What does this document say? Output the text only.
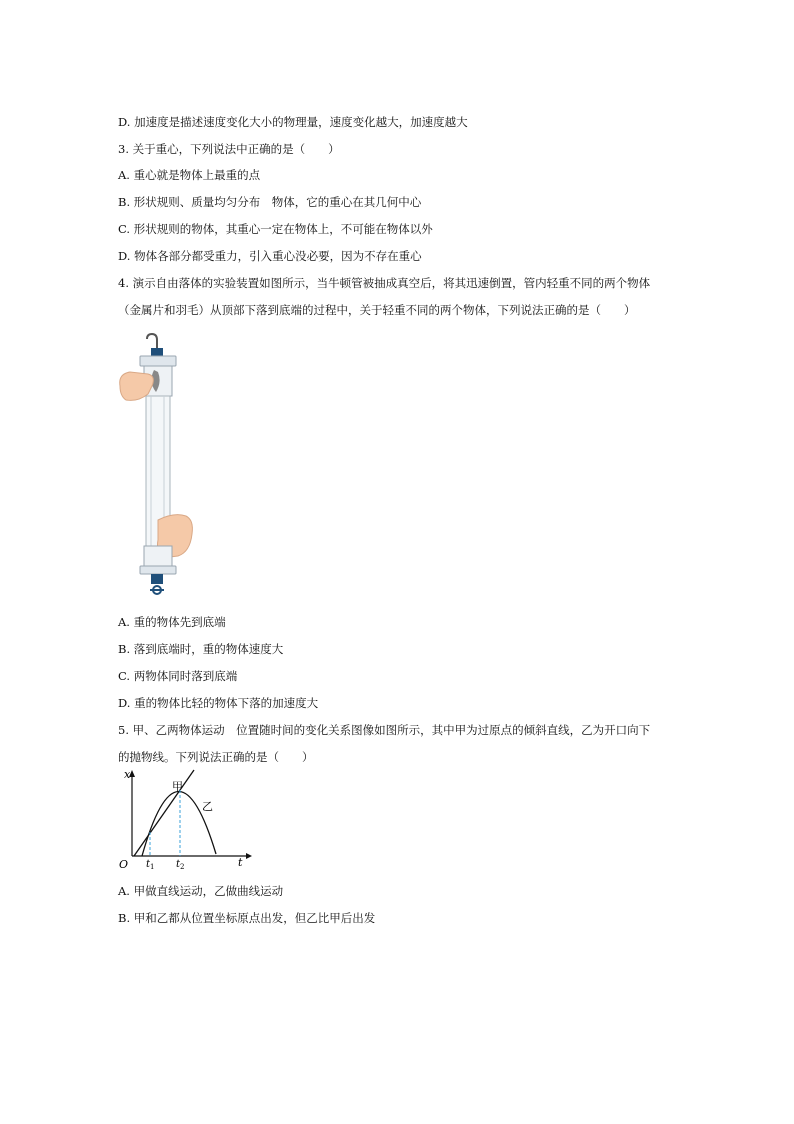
D. 加速度是描述速度变化大小的物理量，速度变化越大，加速度越大
3. 关于重心，下列说法中正确的是（　　）
A. 重心就是物体上最重的点
B. 形状规则、质量均匀分布　物体，它的重心在其几何中心
C. 形状规则的物体，其重心一定在物体上，不可能在物体以外
D. 物体各部分都受重力，引入重心没必要，因为不存在重心
4. 演示自由落体的实验装置如图所示，当牛顿管被抽成真空后，将其迅速倒置，管内轻重不同的两个物体
（金属片和羽毛）从顶部下落到底端的过程中，关于轻重不同的两个物体，下列说法正确的是（　　）
A. 重的物体先到底端
B. 落到底端时，重的物体速度大
C. 两物体同时落到底端
D. 重的物体比轻的物体下落的加速度大
5. 甲、乙两物体运动　位置随时间的变化关系图像如图所示，其中甲为过原点的倾斜直线，乙为开口向下
的抛物线。下列说法正确的是（　　）
x
t
O $t_1$ $t_2$
甲
乙
A. 甲做直线运动，乙做曲线运动
B. 甲和乙都从位置坐标原点出发，但乙比甲后出发
